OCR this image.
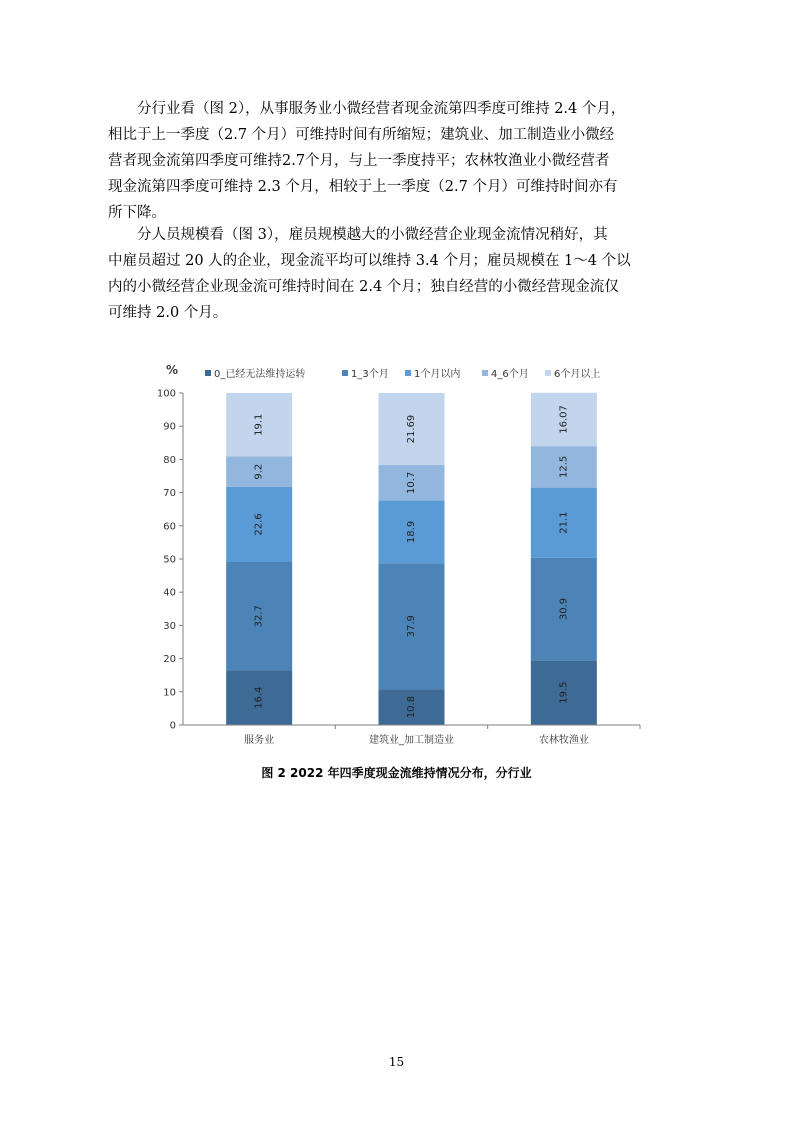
　　分行业看（图 2），从事服务业小微经营者现金流第四季度可维持 2.4 个月，
相比于上一季度（2.7 个月）可维持时间有所缩短；建筑业、加工制造业小微经
营者现金流第四季度可维持2.7个月，与上一季度持平；农林牧渔业小微经营者
现金流第四季度可维持 2.3 个月，相较于上一季度（2.7 个月）可维持时间亦有
所下降。
　　分人员规模看（图 3），雇员规模越大的小微经营企业现金流情况稍好，其
中雇员超过 20 人的企业，现金流平均可以维持 3.4 个月；雇员规模在 1～4 个以
内的小微经营企业现金流可维持时间在 2.4 个月；独自经营的小微经营现金流仅
可维持 2.0 个月。
%	0_已经无法维持运转	1_3个月	1个月以内	4_6个月	6个月以上
0
10
20
30
40
50
60
70
80
90
100
16.4
32.7
22.6
9.2
19.1
10.8
37.9
18.9
10.7
21.69
19.5
30.9
21.1
12.5
16.07
服务业	建筑业_加工制造业	农林牧渔业

图 2 2022 年四季度现金流维持情况分布，分行业

15
